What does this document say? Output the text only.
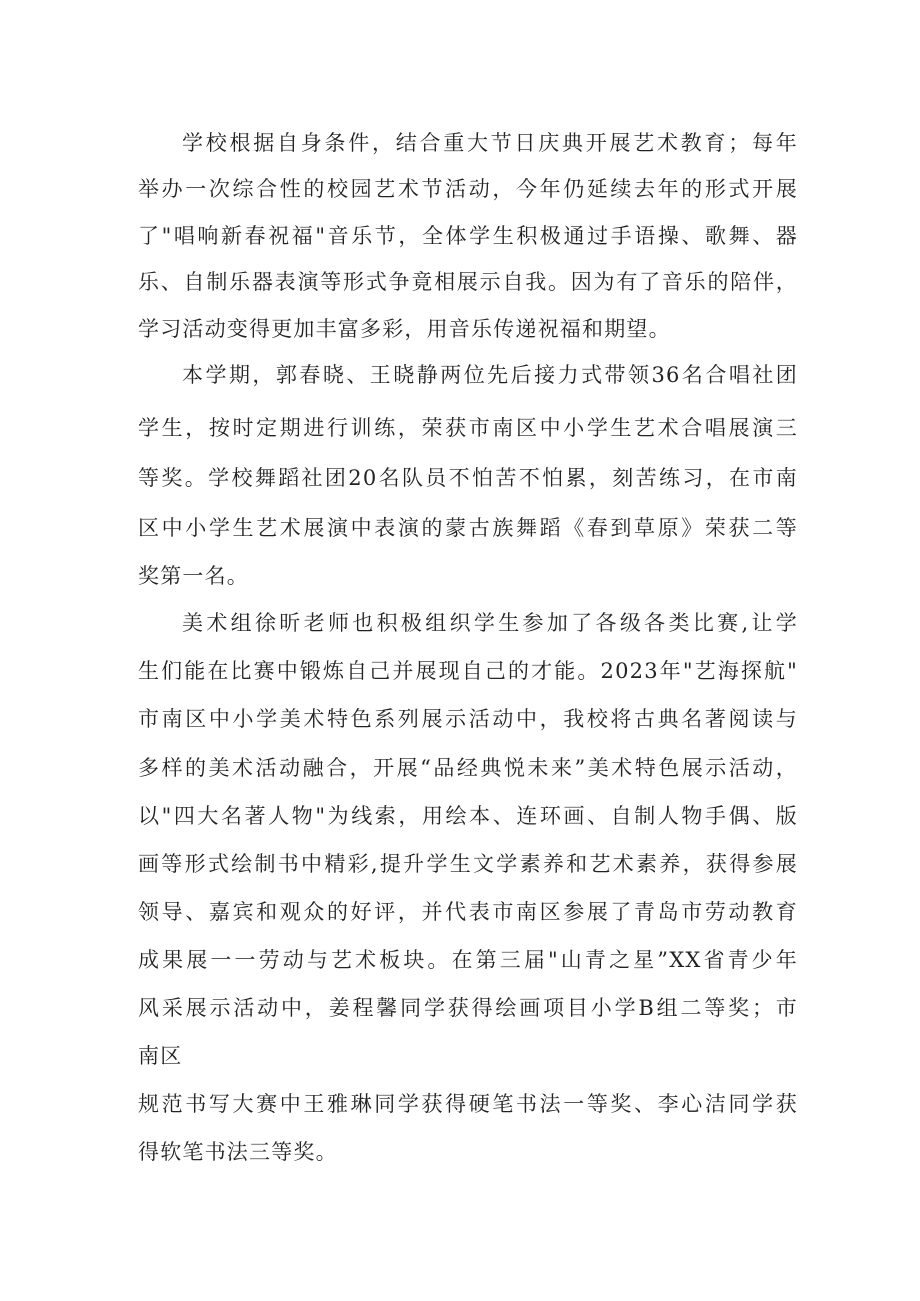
学校根据自身条件，结合重大节日庆典开展艺术教育；每年
举办一次综合性的校园艺术节活动，今年仍延续去年的形式开展
了"唱响新春祝福"音乐节，全体学生积极通过手语操、歌舞、器
乐、自制乐器表演等形式争竟相展示自我。因为有了音乐的陪伴，
学习活动变得更加丰富多彩，用音乐传递祝福和期望。
本学期，郭春晓、王晓静两位先后接力式带领36名合唱社团
学生，按时定期进行训练，荣获市南区中小学生艺术合唱展演三
等奖。学校舞蹈社团20名队员不怕苦不怕累，刻苦练习，在市南
区中小学生艺术展演中表演的蒙古族舞蹈《春到草原》荣获二等
奖第一名。
美术组徐昕老师也积极组织学生参加了各级各类比赛,让学
生们能在比赛中锻炼自己并展现自己的才能。2023年"艺海探航"
市南区中小学美术特色系列展示活动中，我校将古典名著阅读与
多样的美术活动融合，开展“品经典悦未来”美术特色展示活动，
以"四大名著人物"为线索，用绘本、连环画、自制人物手偶、版
画等形式绘制书中精彩,提升学生文学素养和艺术素养，获得参展
领导、嘉宾和观众的好评，并代表市南区参展了青岛市劳动教育
成果展一一劳动与艺术板块。在第三届"山青之星”XX省青少年
风采展示活动中，姜程馨同学获得绘画项目小学B组二等奖；市
南区
规范书写大赛中王雅琳同学获得硬笔书法一等奖、李心洁同学获
得软笔书法三等奖。
